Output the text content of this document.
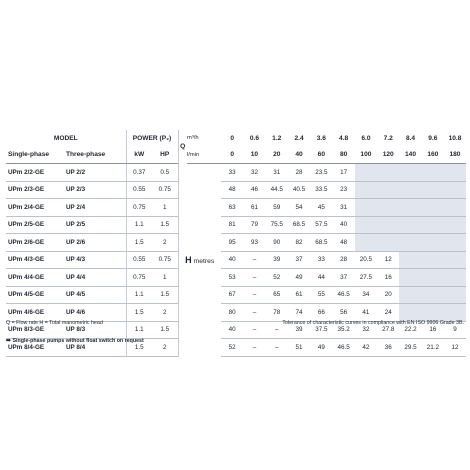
MODEL		POWER (P₂)		Q	m³/h	0	0.6	1.2	2.4	3.6	4.8	6.0	7.2	8.4	9.6	10.8
Single-phase	Three-phase	kW	HP		l/min	0	10	20	40	60	80	100	120	140	160	180
UPm 2/2-GE	UP 2/2	0.37	0.5	H metres		33	32	31	28	23.5	17					
UPm 2/3-GE	UP 2/3	0.55	0.75			48	46	44.5	40.5	33.5	23					
UPm 2/4-GE	UP 2/4	0.75	1			63	61	59	54	45	31					
UPm 2/5-GE	UP 2/5	1.1	1.5			81	79	75.5	68.5	57.5	40					
UPm 2/6-GE	UP 2/6	1.5	2			95	93	90	82	68.5	48					
UPm 4/3-GE	UP 4/3	0.55	0.75			40	–	39	37	33	28	20.5	12			
UPm 4/4-GE	UP 4/4	0.75	1			53	–	52	49	44	37	27.5	16			
UPm 4/5-GE	UP 4/5	1.1	1.5			67	–	65	61	55	46.5	34	20			
UPm 4/6-GE	UP 4/6	1.5	2			80	–	78	74	66	56	41	24			
UPm 8/3-GE	UP 8/3	1.1	1.5			40	–	–	39	37.5	35.2	32	27.8	22.2	16	9
UPm 8/4-GE	UP 8/4	1.5	2			52	–	–	51	49	46.5	42	36	29.5	21.2	12
Q = Flow rate H = Total manometric head	Tolerance of characteristic curves in compliance with EN ISO 9906 Grade 3B.
➠ Single-phase pumps without float switch on request
